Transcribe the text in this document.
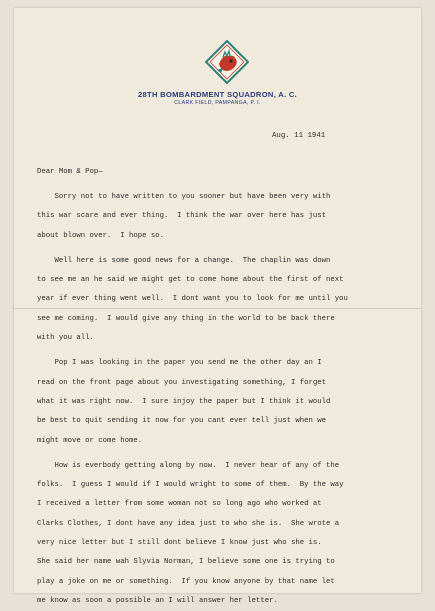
28TH BOMBARDMENT SQUADRON, A. C.
CLARK FIELD, PAMPANGA, P. I.
Aug. 11 1941
Dear Mom & Pop—
Sorry not to have written to you sooner but have been very with
this war scare and ever thing.  I think the war over here has just
about blown over.  I hope so.
Well here is some good news for a change.  The chaplin was down
to see me an he said we might get to come home about the first of next
year if ever thing went well.  I dont want you to look for me until you
see me coming.  I would give any thing in the world to be back there
with you all.
Pop I was looking in the paper you send me the other day an I
read on the front page about you investigating something, I forget
what it was right now.  I sure injoy the paper but I think it would
be best to quit sending it now for you cant ever tell just when we
might move or come home.
How is everbody getting along by now.  I never hear of any of the
folks.  I guess I would if I would wright to some of them.  By the way
I received a letter from some woman not so long ago who worked at
Clarks Clothes, I dont have any idea just to who she is.  She wrote a
very nice letter but I still dont believe I know just who she is.
She said her name wah Slyvia Norman, I believe some one is trying to
play a joke on me or something.  If you know anyone by that name let
me know as soon a possible an I will answer her letter.
